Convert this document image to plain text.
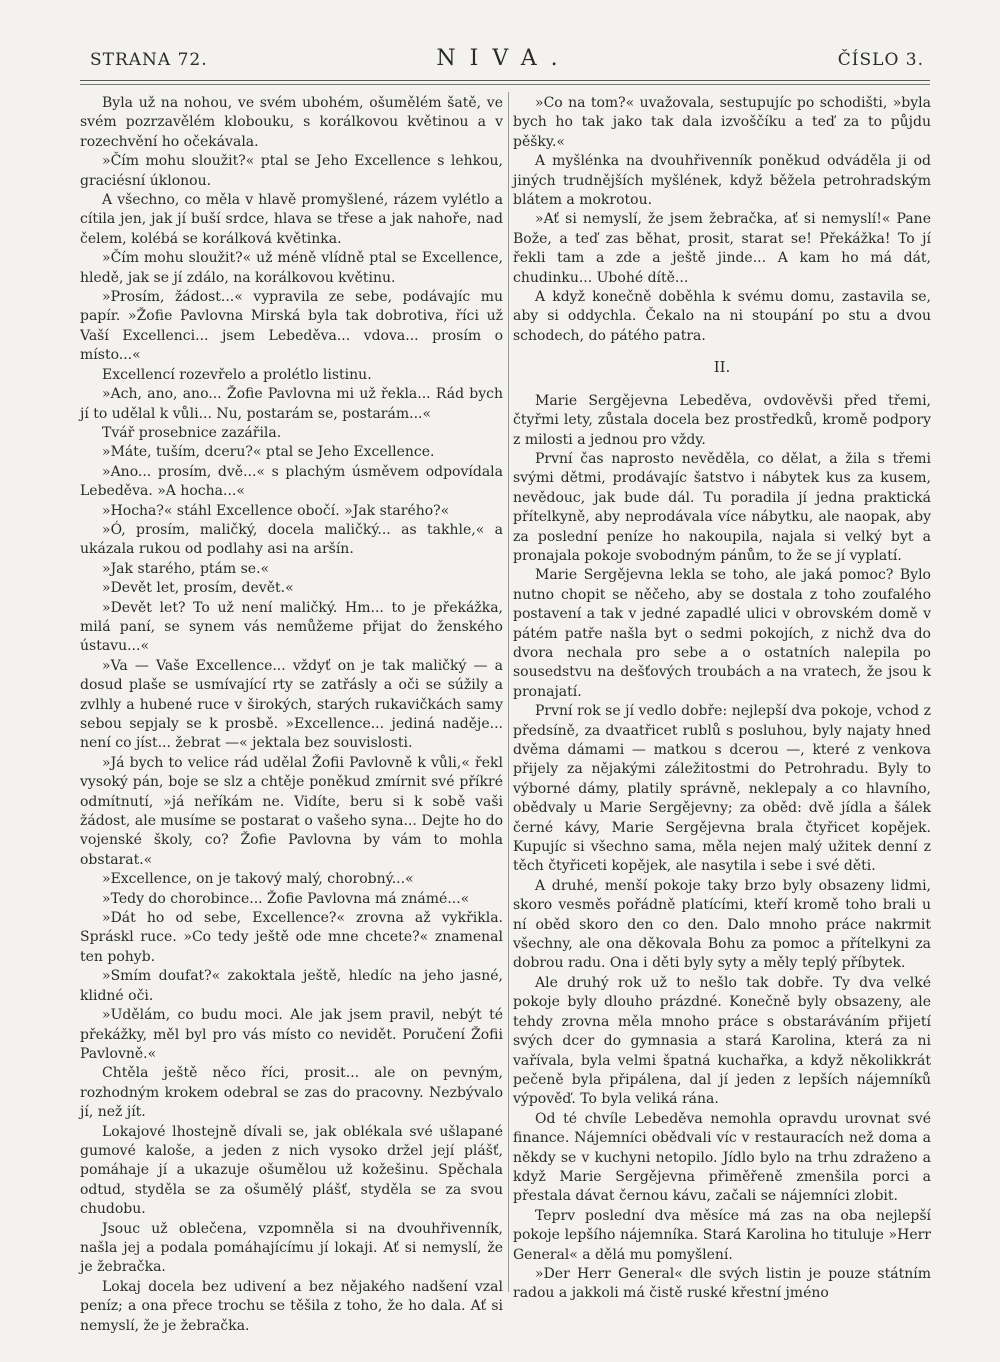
STRANA 72.	NIVA.	ČÍSLO 3.

Byla už na nohou, ve svém ubohém, ošumělém šatě, ve svém pozrzavělém klobouku, s korálkovou květinou a v rozechvění ho očekávala.

»Čím mohu sloužit?« ptal se Jeho Excellence s lehkou, graciésní úklonou.

A všechno, co měla v hlavě promyšlené, rázem vylétlo a cítila jen, jak jí buší srdce, hlava se třese a jak nahoře, nad čelem, kolébá se korálková květinka.

»Čím mohu sloužit?« už méně vlídně ptal se Excellence, hledě, jak se jí zdálo, na korálkovou květinu.

»Prosím, žádost...« vypravila ze sebe, podávajíc mu papír. »Žofie Pavlovna Mirská byla tak dobrotiva, říci už Vaší Excellenci... jsem Lebeděva... vdova... prosím o místo...«

Excellencí rozevřelo a prolétlo listinu.

»Ach, ano, ano... Žofie Pavlovna mi už řekla... Rád bych jí to udělal k vůli... Nu, postarám se, postarám...«

Tvář prosebnice zazářila.

»Máte, tuším, dceru?« ptal se Jeho Excellence.

»Ano... prosím, dvě...« s plachým úsměvem odpovídala Lebeděva. »A hocha...«

»Hocha?« stáhl Excellence obočí. »Jak starého?«

»Ó, prosím, maličký, docela maličký... as takhle,« a ukázala rukou od podlahy asi na aršín.

»Jak starého, ptám se.«

»Devět let, prosím, devět.«

»Devět let? To už není maličký. Hm... to je překážka, milá paní, se synem vás nemůžeme přijat do ženského ústavu...«

»Va — Vaše Excellence... vždyť on je tak maličký — a dosud plaše se usmívající rty se zatřásly a oči se súžily a zvlhly a hubené ruce v širokých, starých rukavičkách samy sebou sepjaly se k prosbě. »Excellence... jediná naděje... není co jíst... žebrat —« jektala bez souvislosti.

»Já bych to velice rád udělal Žofii Pavlovně k vůli,« řekl vysoký pán, boje se slz a chtěje poněkud zmírnit své příkré odmítnutí, »já neříkám ne. Vidíte, beru si k sobě vaši žádost, ale musíme se postarat o vašeho syna... Dejte ho do vojenské školy, co? Žofie Pavlovna by vám to mohla obstarat.«

»Excellence, on je takový malý, chorobný...«

»Tedy do chorobince... Žofie Pavlovna má známé...«

»Dát ho od sebe, Excellence?« zrovna až vykřikla. Spráskl ruce. »Co tedy ještě ode mne chcete?« znamenal ten pohyb.

»Smím doufat?« zakoktala ještě, hledíc na jeho jasné, klidné oči.

»Udělám, co budu moci. Ale jak jsem pravil, nebýt té překážky, měl byl pro vás místo co nevidět. Poručení Žofii Pavlovně.«

Chtěla ještě něco říci, prosit... ale on pevným, rozhodným krokem odebral se zas do pracovny. Nezbývalo jí, než jít.

Lokajové lhostejně dívali se, jak oblékala své ušlapané gumové kaloše, a jeden z nich vysoko držel její plášť, pomáhaje jí a ukazuje ošumělou už kožešinu. Spěchala odtud, styděla se za ošumělý plášť, styděla se za svou chudobu.

Jsouc už oblečena, vzpomněla si na dvouhřivenník, našla jej a podala pomáhajícímu jí lokaji. Ať si nemyslí, že je žebračka.

Lokaj docela bez udivení a bez nějakého nadšení vzal peníz; a ona přece trochu se těšila z toho, že ho dala. Ať si nemyslí, že je žebračka.

»Co na tom?« uvažovala, sestupujíc po schodišti, »byla bych ho tak jako tak dala izvoščíku a teď za to půjdu pěšky.«

A myšlénka na dvouhřivenník poněkud odváděla ji od jiných trudnějších myšlének, když běžela petrohradským blátem a mokrotou.

»Ať si nemyslí, že jsem žebračka, ať si nemyslí!« Pane Bože, a teď zas běhat, prosit, starat se! Překážka! To jí řekli tam a zde a ještě jinde... A kam ho má dát, chudinku... Ubohé dítě...

A když konečně doběhla k svému domu, zastavila se, aby si oddychla. Čekalo na ni stoupání po stu a dvou schodech, do pátého patra.

II.

Marie Sergějevna Lebeděva, ovdověvši před třemi, čtyřmi lety, zůstala docela bez prostředků, kromě podpory z milosti a jednou pro vždy.

První čas naprosto nevěděla, co dělat, a žila s třemi svými dětmi, prodávajíc šatstvo i nábytek kus za kusem, nevědouc, jak bude dál. Tu poradila jí jedna praktická přítelkyně, aby neprodávala více nábytku, ale naopak, aby za poslední peníze ho nakoupila, najala si velký byt a pronajala pokoje svobodným pánům, to že se jí vyplatí.

Marie Sergějevna lekla se toho, ale jaká pomoc? Bylo nutno chopit se něčeho, aby se dostala z toho zoufalého postavení a tak v jedné zapadlé ulici v obrovském domě v pátém patře našla byt o sedmi pokojích, z nichž dva do dvora nechala pro sebe a o ostatních nalepila po sousedstvu na dešťových troubách a na vratech, že jsou k pronajatí.

První rok se jí vedlo dobře: nejlepší dva pokoje, vchod z předsíně, za dvaatřicet rublů s posluhou, byly najaty hned dvěma dámami — matkou s dcerou —, které z venkova přijely za nějakými záležitostmi do Petrohradu. Byly to výborné dámy, platily správně, neklepaly a co hlavního, obědvaly u Marie Sergějevny; za oběd: dvě jídla a šálek černé kávy, Marie Sergějevna brala čtyřicet kopějek. Kupujíc si všechno sama, měla nejen malý užitek denní z těch čtyřiceti kopějek, ale nasytila i sebe i své děti.

A druhé, menší pokoje taky brzo byly obsazeny lidmi, skoro vesměs pořádně platícími, kteří kromě toho brali u ní oběd skoro den co den. Dalo mnoho práce nakrmit všechny, ale ona děkovala Bohu za pomoc a přítelkyni za dobrou radu. Ona i děti byly syty a měly teplý příbytek.

Ale druhý rok už to nešlo tak dobře. Ty dva velké pokoje byly dlouho prázdné. Konečně byly obsazeny, ale tehdy zrovna měla mnoho práce s obstaráváním přijetí svých dcer do gymnasia a stará Karolina, která za ni vařívala, byla velmi špatná kuchařka, a když několikkrát pečeně byla připálena, dal jí jeden z lepších nájemníků výpověď. To byla veliká rána.

Od té chvíle Lebeděva nemohla opravdu urovnat své finance. Nájemníci obědvali víc v restauracích než doma a někdy se v kuchyni netopilo. Jídlo bylo na trhu zdraženo a když Marie Sergějevna přiměřeně zmenšila porci a přestala dávat černou kávu, začali se nájemníci zlobit.

Teprv poslední dva měsíce má zas na oba nejlepší pokoje lepšího nájemníka. Stará Karolina ho tituluje »Herr General« a dělá mu pomyšlení.

»Der Herr General« dle svých listin je pouze státním radou a jakkoli má čistě ruské křestní jméno
